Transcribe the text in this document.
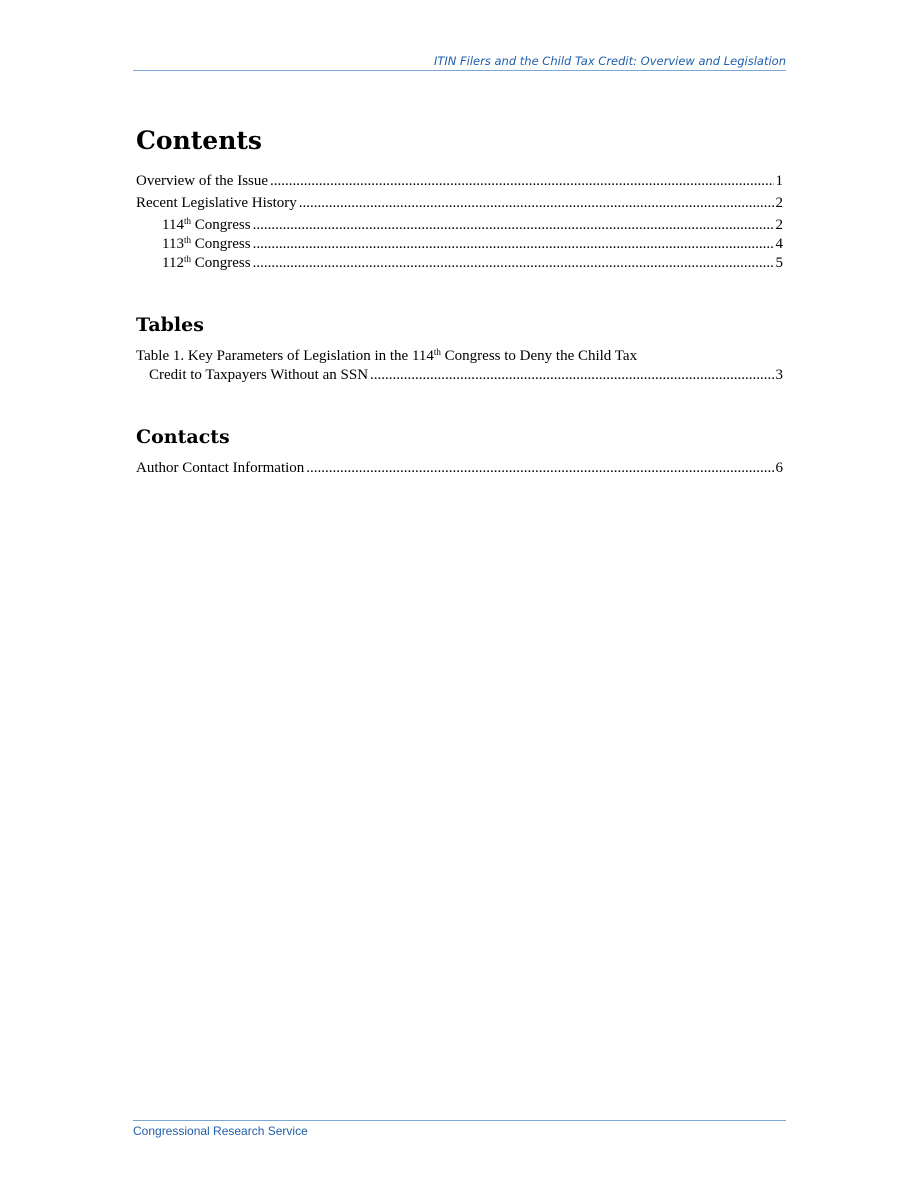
ITIN Filers and the Child Tax Credit: Overview and Legislation
Contents
Overview of the Issue .....	1
Recent Legislative History .....	2
114th Congress .....	2
113th Congress .....	4
112th Congress .....	5
Tables
Table 1. Key Parameters of Legislation in the 114th Congress to Deny the Child Tax
Credit to Taxpayers Without an SSN .....	3
Contacts
Author Contact Information .....	6
Congressional Research Service
